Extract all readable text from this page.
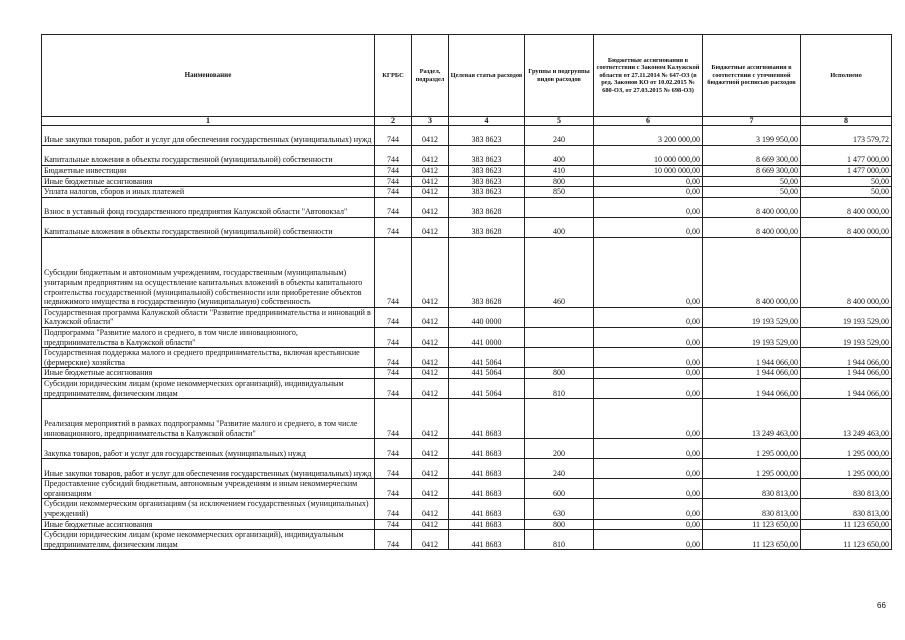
Наименование	КГРБС	Раздел, подраздел	Целевая статья расходов	Группы и подгруппы видов расходов	Бюджетные ассигнования в соответствии с Законом Калужской области от 27.11.2014 № 647-ОЗ (в ред. Законов КО от 10.02.2015 № 680-ОЗ, от 27.03.2015 № 698-ОЗ)	Бюджетные ассигнования в соответствии с уточненной бюджетной росписью расходов	Исполнено
1	2	3	4	5	6	7	8
Иные закупки товаров, работ и услуг для обеспечения государственных (муниципальных) нужд	744	0412	383 8623	240	3 200 000,00	3 199 950,00	173 579,72
Капитальные вложения в объекты государственной (муниципальной) собственности	744	0412	383 8623	400	10 000 000,00	8 669 300,00	1 477 000,00
Бюджетные инвестиции	744	0412	383 8623	410	10 000 000,00	8 669 300,00	1 477 000,00
Иные бюджетные ассигнования	744	0412	383 8623	800	0,00	50,00	50,00
Уплата налогов, сборов и иных платежей	744	0412	383 8623	850	0,00	50,00	50,00
Взнос в уставный фонд государственного предприятия Калужской области "Автовокзал"	744	0412	383 8628		0,00	8 400 000,00	8 400 000,00
Капитальные вложения в объекты государственной (муниципальной) собственности	744	0412	383 8628	400	0,00	8 400 000,00	8 400 000,00
Субсидии бюджетным и автономным учреждениям, государственным (муниципальным) унитарным предприятиям на осуществление капитальных вложений в объекты капитального строительства государственной (муниципальной) собственности или приобретение объектов недвижимого имущества в государственную (муниципальную) собственность	744	0412	383 8628	460	0,00	8 400 000,00	8 400 000,00
Государственная программа Калужской области "Развитие предпринимательства и инноваций в Калужской области"	744	0412	440 0000		0,00	19 193 529,00	19 193 529,00
Подпрограмма "Развитие малого и среднего, в том числе инновационного, предпринимательства в Калужской области"	744	0412	441 0000		0,00	19 193 529,00	19 193 529,00
Государственная поддержка малого и среднего предпринимательства, включая крестьянские (фермерские) хозяйства	744	0412	441 5064		0,00	1 944 066,00	1 944 066,00
Иные бюджетные ассигнования	744	0412	441 5064	800	0,00	1 944 066,00	1 944 066,00
Субсидии юридическим лицам (кроме некоммерческих организаций), индивидуальным предпринимателям, физическим лицам	744	0412	441 5064	810	0,00	1 944 066,00	1 944 066,00
Реализация мероприятий в рамках подпрограммы "Развитие малого и среднего, в том числе инновационного, предпринимательства в Калужской области"	744	0412	441 8683		0,00	13 249 463,00	13 249 463,00
Закупка товаров, работ и услуг для государственных (муниципальных) нужд	744	0412	441 8683	200	0,00	1 295 000,00	1 295 000,00
Иные закупки товаров, работ и услуг для обеспечения государственных (муниципальных) нужд	744	0412	441 8683	240	0,00	1 295 000,00	1 295 000,00
Предоставление субсидий бюджетным, автономным учреждениям и иным некоммерческим организациям	744	0412	441 8683	600	0,00	830 813,00	830 813,00
Субсидии некоммерческим организациям (за исключением государственных (муниципальных) учреждений)	744	0412	441 8683	630	0,00	830 813,00	830 813,00
Иные бюджетные ассигнования	744	0412	441 8683	800	0,00	11 123 650,00	11 123 650,00
Субсидии юридическим лицам (кроме некоммерческих организаций), индивидуальным предпринимателям, физическим лицам	744	0412	441 8683	810	0,00	11 123 650,00	11 123 650,00
66
